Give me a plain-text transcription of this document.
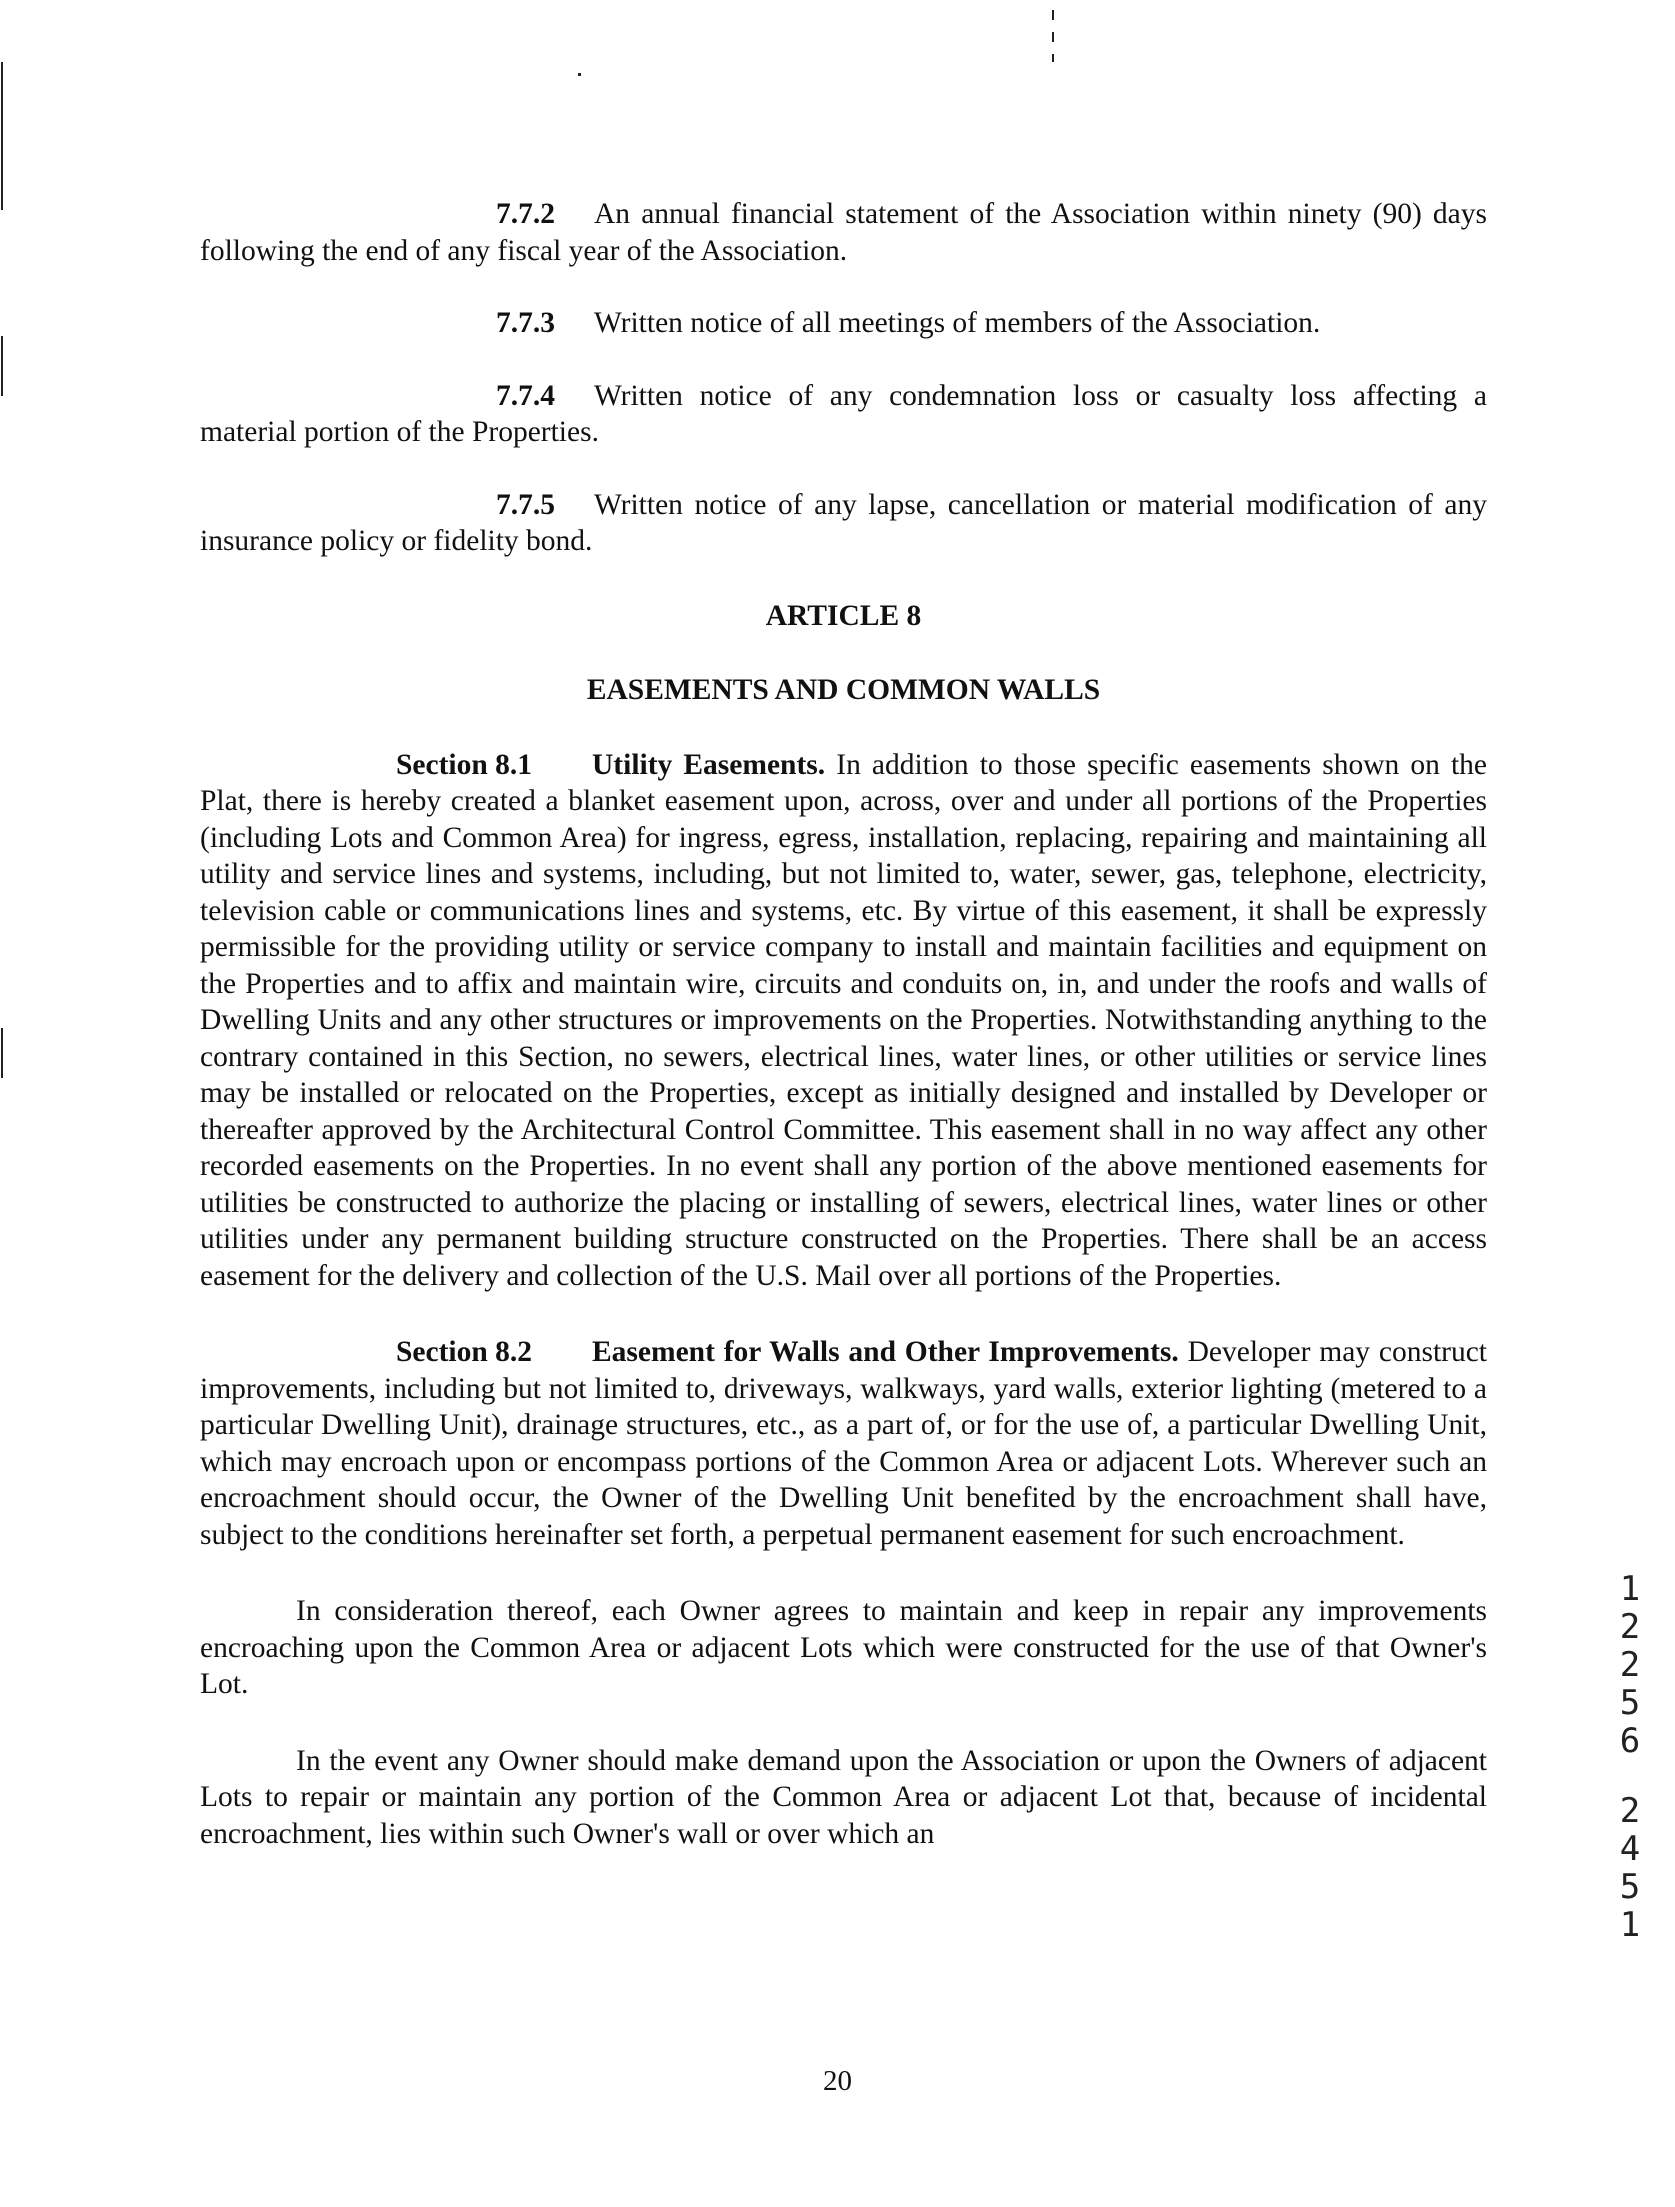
7.7.2 An annual financial statement of the Association within ninety (90) days following the end of any fiscal year of the Association.

7.7.3 Written notice of all meetings of members of the Association.

7.7.4 Written notice of any condemnation loss or casualty loss affecting a material portion of the Properties.

7.7.5 Written notice of any lapse, cancellation or material modification of any insurance policy or fidelity bond.

ARTICLE 8

EASEMENTS AND COMMON WALLS

Section 8.1 Utility Easements. In addition to those specific easements shown on the Plat, there is hereby created a blanket easement upon, across, over and under all portions of the Properties (including Lots and Common Area) for ingress, egress, installation, replacing, repairing and maintaining all utility and service lines and systems, including, but not limited to, water, sewer, gas, telephone, electricity, television cable or communications lines and systems, etc. By virtue of this easement, it shall be expressly permissible for the providing utility or service company to install and maintain facilities and equipment on the Properties and to affix and maintain wire, circuits and conduits on, in, and under the roofs and walls of Dwelling Units and any other structures or improvements on the Properties. Notwithstanding anything to the contrary contained in this Section, no sewers, electrical lines, water lines, or other utilities or service lines may be installed or relocated on the Properties, except as initially designed and installed by Developer or thereafter approved by the Architectural Control Committee. This easement shall in no way affect any other recorded easements on the Properties. In no event shall any portion of the above mentioned easements for utilities be constructed to authorize the placing or installing of sewers, electrical lines, water lines or other utilities under any permanent building structure constructed on the Properties. There shall be an access easement for the delivery and collection of the U.S. Mail over all portions of the Properties.

Section 8.2 Easement for Walls and Other Improvements. Developer may construct improvements, including but not limited to, driveways, walkways, yard walls, exterior lighting (metered to a particular Dwelling Unit), drainage structures, etc., as a part of, or for the use of, a particular Dwelling Unit, which may encroach upon or encompass portions of the Common Area or adjacent Lots. Wherever such an encroachment should occur, the Owner of the Dwelling Unit benefited by the encroachment shall have, subject to the conditions hereinafter set forth, a perpetual permanent easement for such encroachment.

In consideration thereof, each Owner agrees to maintain and keep in repair any improvements encroaching upon the Common Area or adjacent Lots which were constructed for the use of that Owner's Lot.

In the event any Owner should make demand upon the Association or upon the Owners of adjacent Lots to repair or maintain any portion of the Common Area or adjacent Lot that, because of incidental encroachment, lies within such Owner's wall or over which an

1
2
2
5
6
2
4
5
1
20
